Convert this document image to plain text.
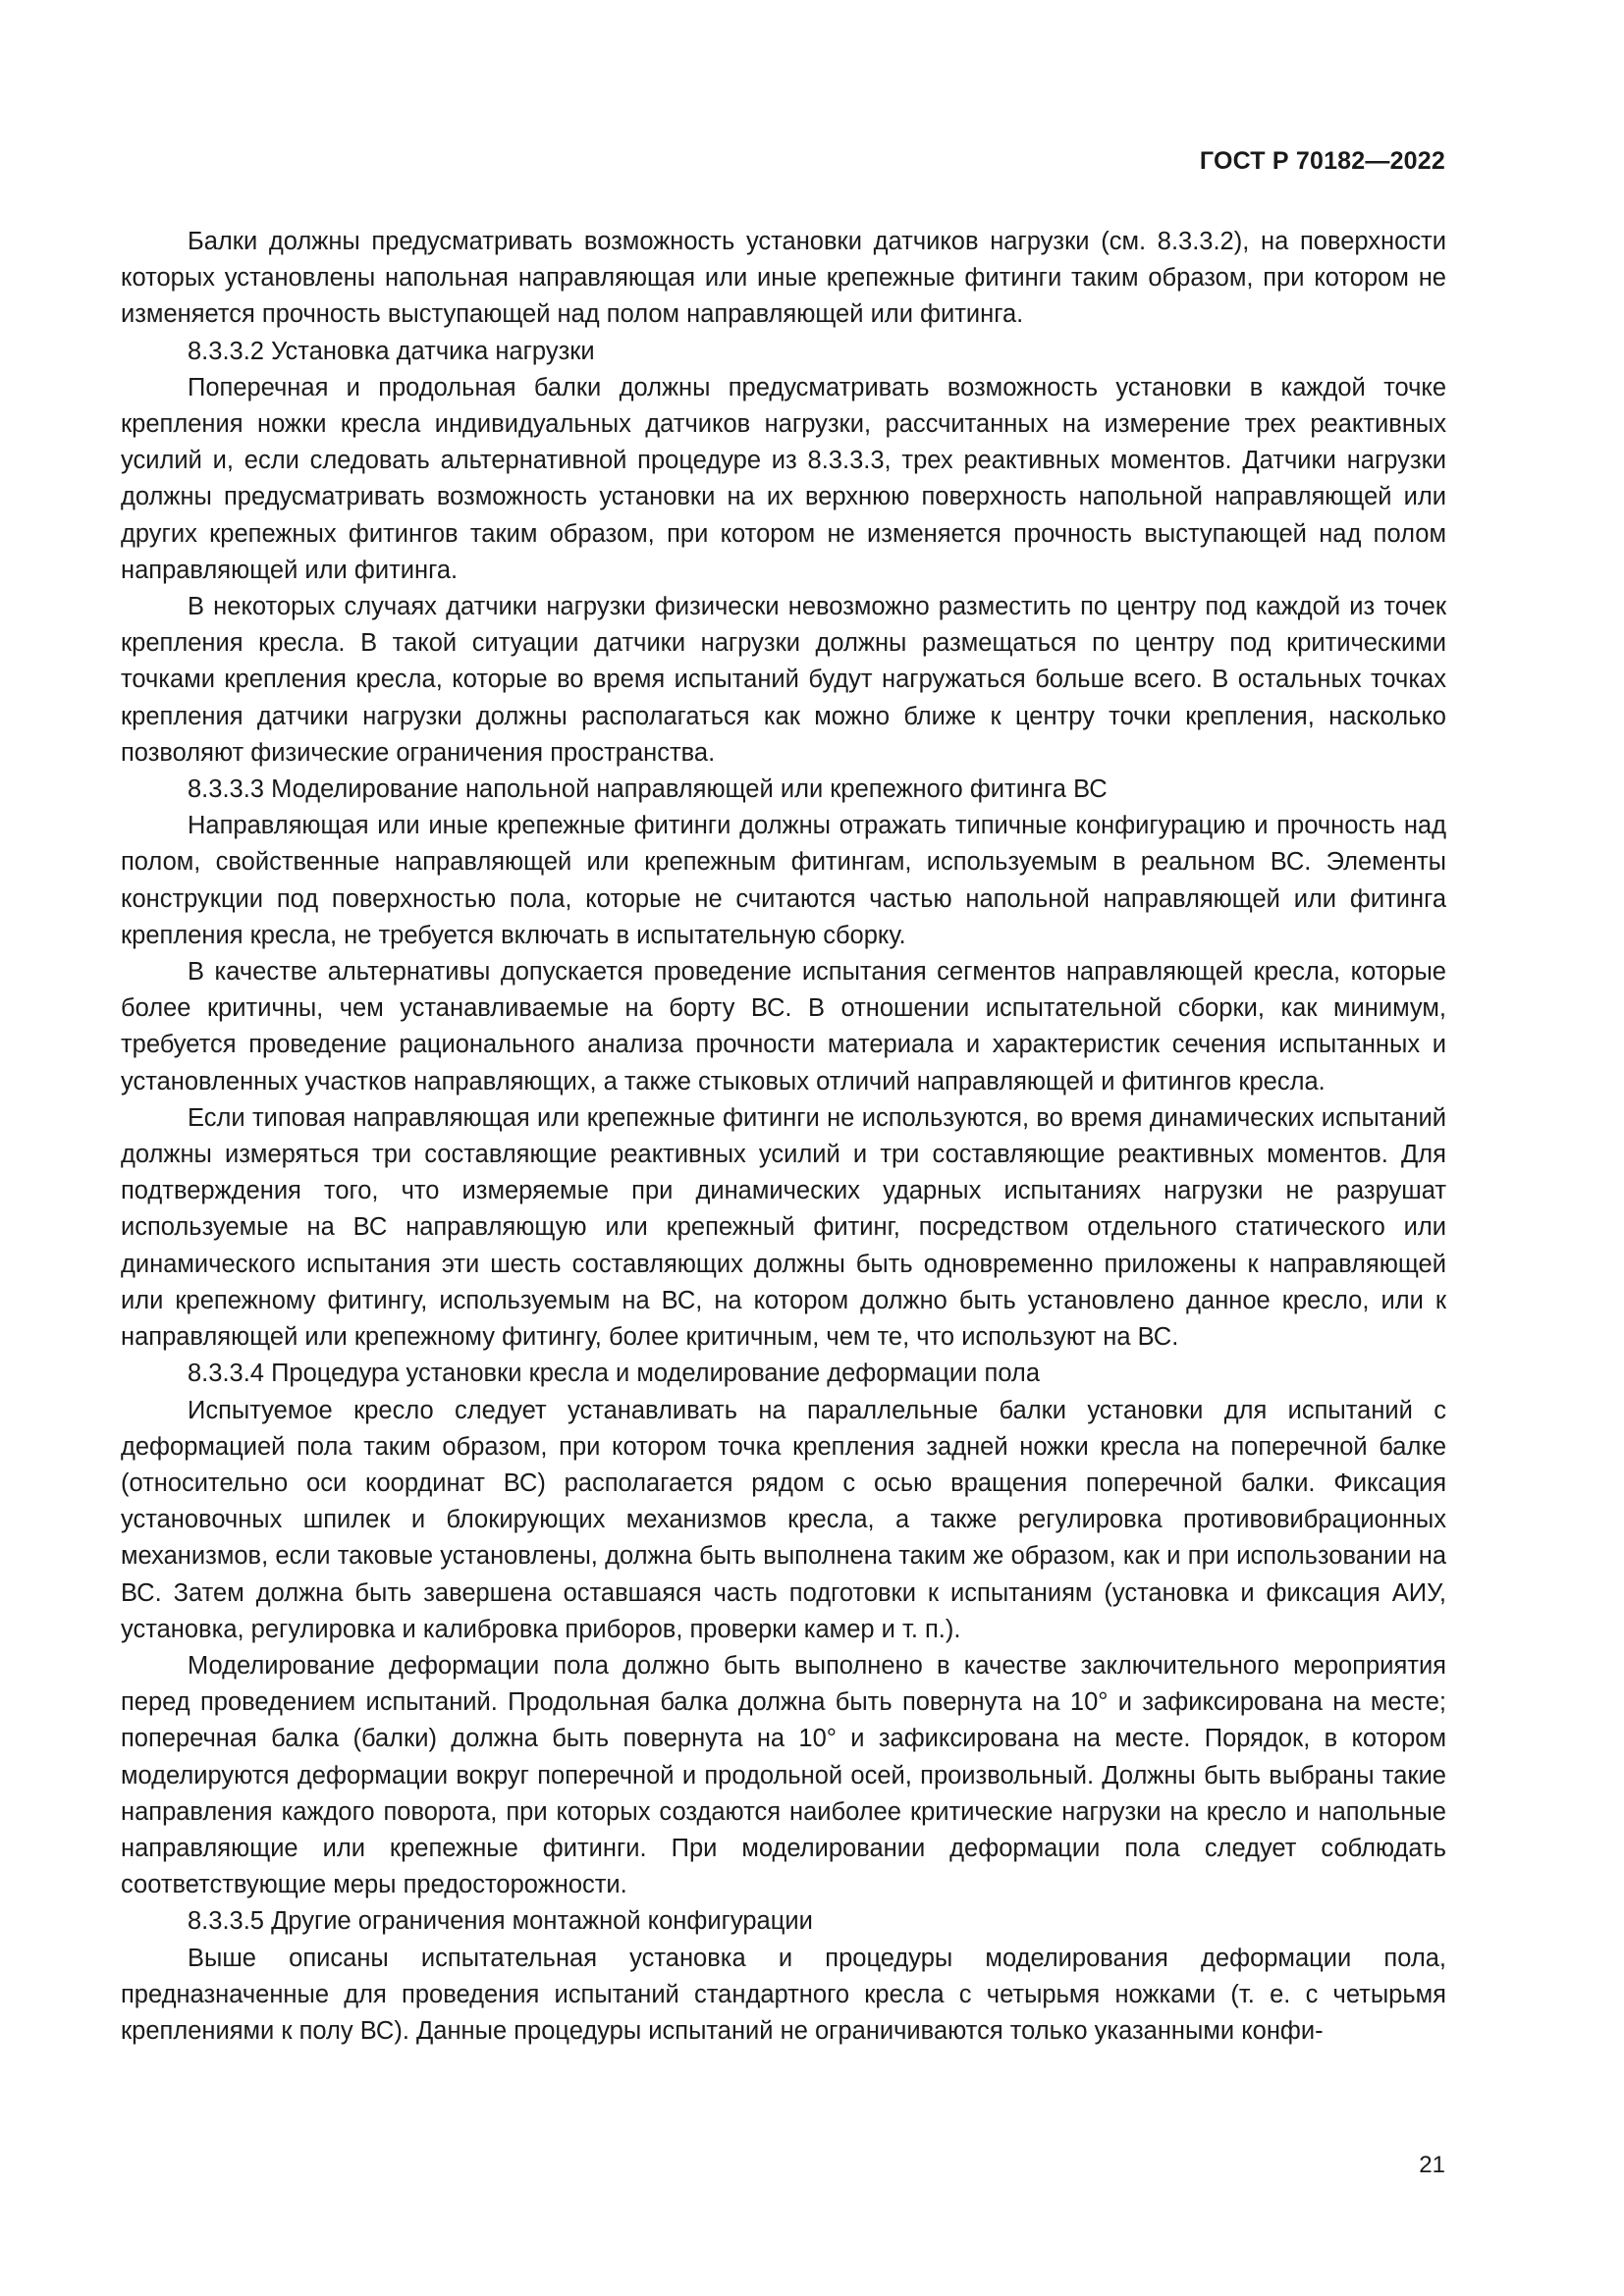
ГОСТ Р 70182—2022

Балки должны предусматривать возможность установки датчиков нагрузки (см. 8.3.3.2), на поверхности которых установлены напольная направляющая или иные крепежные фитинги таким образом, при котором не изменяется прочность выступающей над полом направляющей или фитинга.

8.3.3.2 Установка датчика нагрузки

Поперечная и продольная балки должны предусматривать возможность установки в каждой точке крепления ножки кресла индивидуальных датчиков нагрузки, рассчитанных на измерение трех реактивных усилий и, если следовать альтернативной процедуре из 8.3.3.3, трех реактивных моментов. Датчики нагрузки должны предусматривать возможность установки на их верхнюю поверхность напольной направляющей или других крепежных фитингов таким образом, при котором не изменяется прочность выступающей над полом направляющей или фитинга.

В некоторых случаях датчики нагрузки физически невозможно разместить по центру под каждой из точек крепления кресла. В такой ситуации датчики нагрузки должны размещаться по центру под критическими точками крепления кресла, которые во время испытаний будут нагружаться больше всего. В остальных точках крепления датчики нагрузки должны располагаться как можно ближе к центру точки крепления, насколько позволяют физические ограничения пространства.

8.3.3.3 Моделирование напольной направляющей или крепежного фитинга ВС

Направляющая или иные крепежные фитинги должны отражать типичные конфигурацию и прочность над полом, свойственные направляющей или крепежным фитингам, используемым в реальном ВС. Элементы конструкции под поверхностью пола, которые не считаются частью напольной направляющей или фитинга крепления кресла, не требуется включать в испытательную сборку.

В качестве альтернативы допускается проведение испытания сегментов направляющей кресла, которые более критичны, чем устанавливаемые на борту ВС. В отношении испытательной сборки, как минимум, требуется проведение рационального анализа прочности материала и характеристик сечения испытанных и установленных участков направляющих, а также стыковых отличий направляющей и фитингов кресла.

Если типовая направляющая или крепежные фитинги не используются, во время динамических испытаний должны измеряться три составляющие реактивных усилий и три составляющие реактивных моментов. Для подтверждения того, что измеряемые при динамических ударных испытаниях нагрузки не разрушат используемые на ВС направляющую или крепежный фитинг, посредством отдельного статического или динамического испытания эти шесть составляющих должны быть одновременно приложены к направляющей или крепежному фитингу, используемым на ВС, на котором должно быть установлено данное кресло, или к направляющей или крепежному фитингу, более критичным, чем те, что используют на ВС.

8.3.3.4 Процедура установки кресла и моделирование деформации пола

Испытуемое кресло следует устанавливать на параллельные балки установки для испытаний с деформацией пола таким образом, при котором точка крепления задней ножки кресла на поперечной балке (относительно оси координат ВС) располагается рядом с осью вращения поперечной балки. Фиксация установочных шпилек и блокирующих механизмов кресла, а также регулировка противовибрационных механизмов, если таковые установлены, должна быть выполнена таким же образом, как и при использовании на ВС. Затем должна быть завершена оставшаяся часть подготовки к испытаниям (установка и фиксация АИУ, установка, регулировка и калибровка приборов, проверки камер и т. п.).

Моделирование деформации пола должно быть выполнено в качестве заключительного мероприятия перед проведением испытаний. Продольная балка должна быть повернута на 10° и зафиксирована на месте; поперечная балка (балки) должна быть повернута на 10° и зафиксирована на месте. Порядок, в котором моделируются деформации вокруг поперечной и продольной осей, произвольный. Должны быть выбраны такие направления каждого поворота, при которых создаются наиболее критические нагрузки на кресло и напольные направляющие или крепежные фитинги. При моделировании деформации пола следует соблюдать соответствующие меры предосторожности.

8.3.3.5 Другие ограничения монтажной конфигурации

Выше описаны испытательная установка и процедуры моделирования деформации пола, предназначенные для проведения испытаний стандартного кресла с четырьмя ножками (т. е. с четырьмя креплениями к полу ВС). Данные процедуры испытаний не ограничиваются только указанными конфи-

21
